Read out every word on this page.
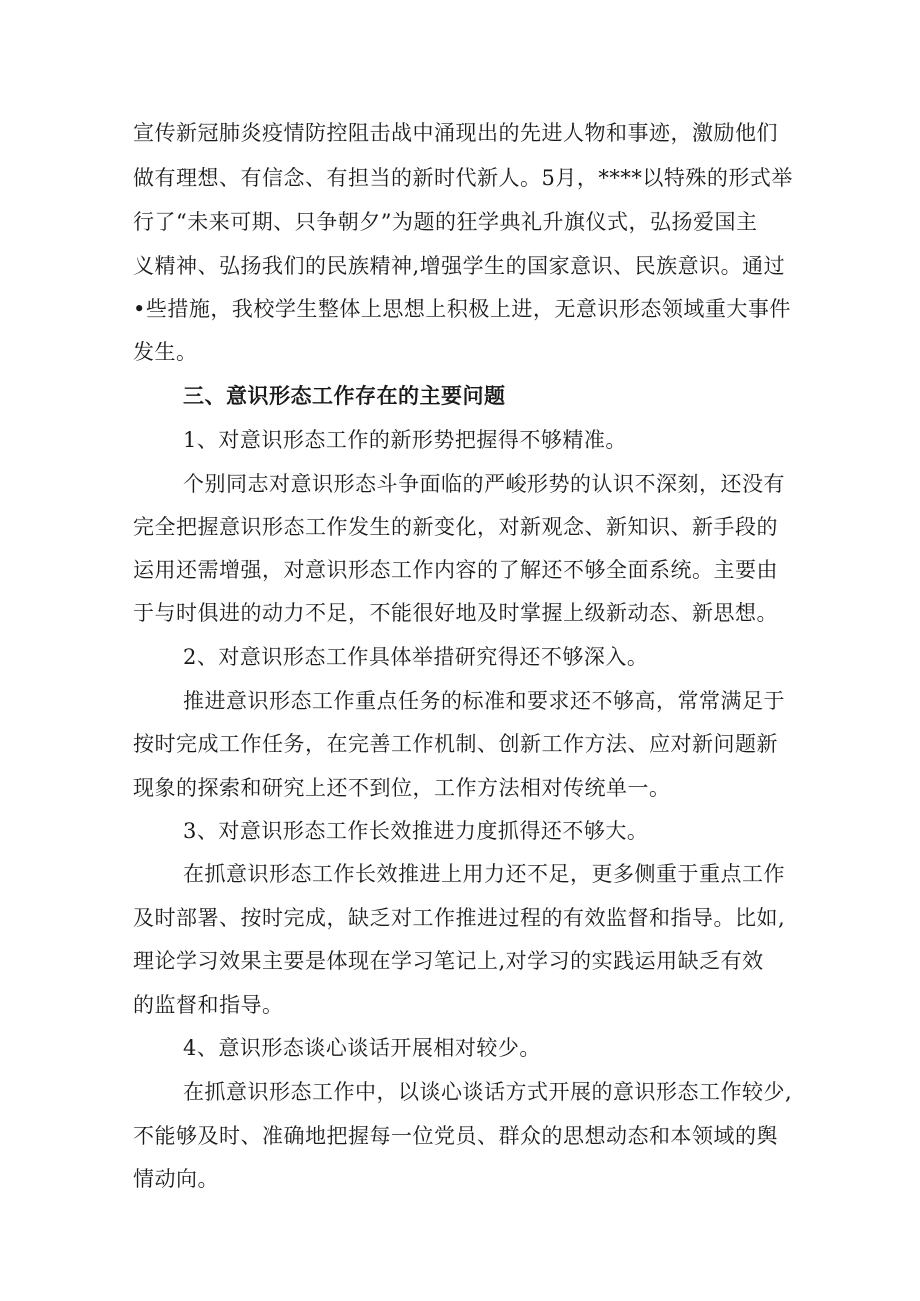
宣传新冠肺炎疫情防控阻击战中涌现出的先进人物和事迹，激励他们
做有理想、有信念、有担当的新时代新人。5月，****以特殊的形式举
行了“未来可期、只争朝夕”为题的狂学典礼升旗仪式，弘扬爱国主
义精神、弘扬我们的民族精神,增强学生的国家意识、民族意识。通过
•些措施，我校学生整体上思想上积极上进，无意识形态领域重大事件
发生。
三、意识形态工作存在的主要问题
1、对意识形态工作的新形势把握得不够精准。
个别同志对意识形态斗争面临的严峻形势的认识不深刻，还没有
完全把握意识形态工作发生的新变化，对新观念、新知识、新手段的
运用还需增强，对意识形态工作内容的了解还不够全面系统。主要由
于与时俱进的动力不足，不能很好地及时掌握上级新动态、新思想。
2、对意识形态工作具体举措研究得还不够深入。
推进意识形态工作重点任务的标准和要求还不够高，常常满足于
按时完成工作任务，在完善工作机制、创新工作方法、应对新问题新
现象的探索和研究上还不到位，工作方法相对传统单一。
3、对意识形态工作长效推进力度抓得还不够大。
在抓意识形态工作长效推进上用力还不足，更多侧重于重点工作
及时部署、按时完成，缺乏对工作推进过程的有效监督和指导。比如,
理论学习效果主要是体现在学习笔记上,对学习的实践运用缺乏有效
的监督和指导。
4、意识形态谈心谈话开展相对较少。
在抓意识形态工作中，以谈心谈话方式开展的意识形态工作较少,
不能够及时、准确地把握每一位党员、群众的思想动态和本领域的舆
情动向。
